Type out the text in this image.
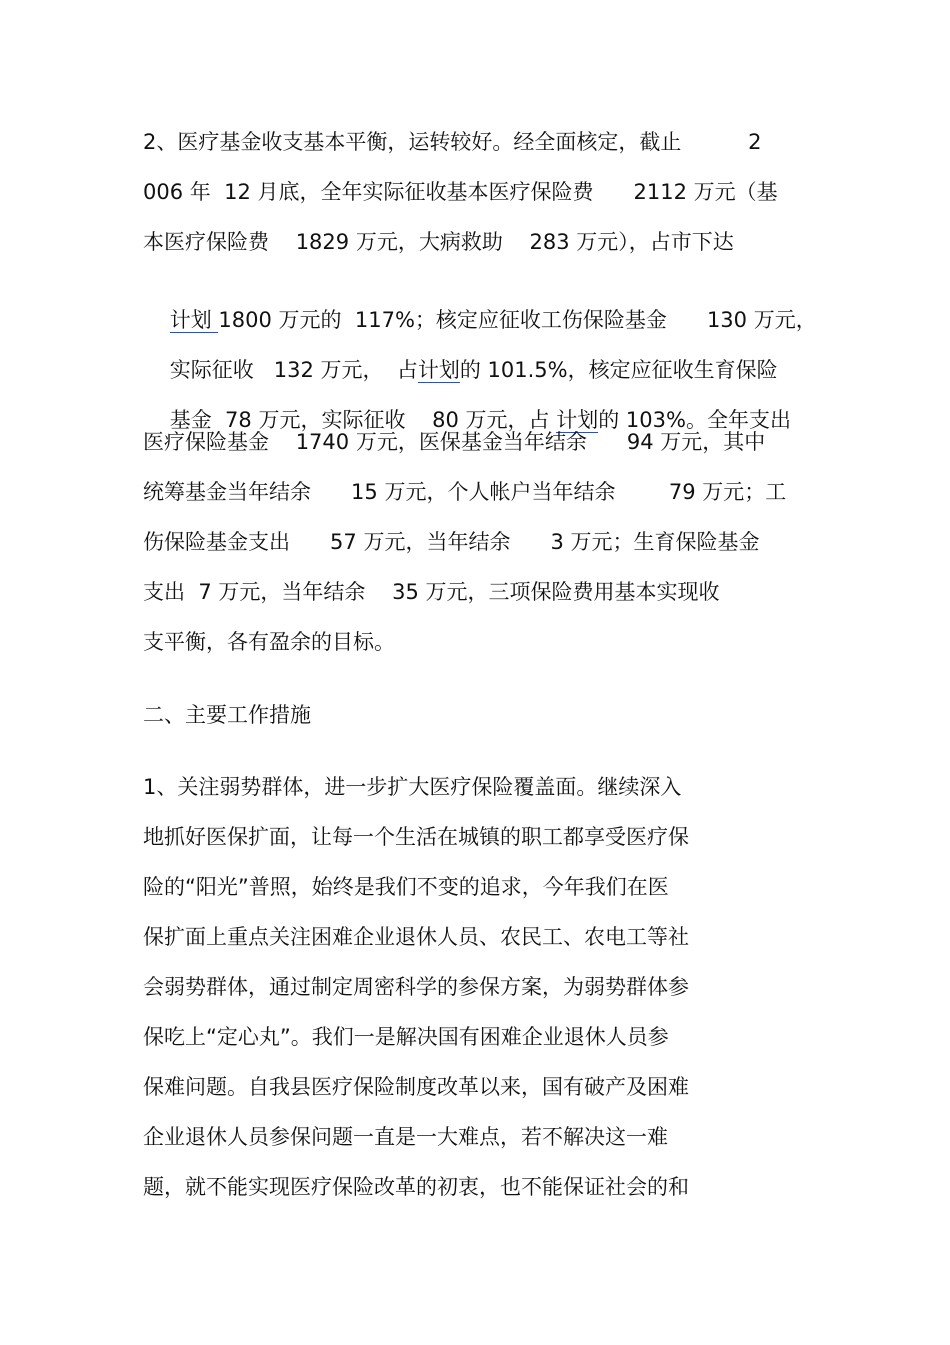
2、医疗基金收支基本平衡，运转较好。经全面核定，截止          2
006 年  12 月底，全年实际征收基本医疗保险费      2112 万元（基
本医疗保险费    1829 万元，大病救助    283 万元），占市下达

计划 1800 万元的  117%；核定应征收工伤保险基金      130 万元，

实际征收   132 万元，  占计划的 101.5%，核定应征收生育保险

基金  78 万元，实际征收    80 万元，占 计划的 103%。全年支出

医疗保险基金    1740 万元，医保基金当年结余      94 万元，其中
统筹基金当年结余      15 万元，个人帐户当年结余        79 万元；工
伤保险基金支出      57 万元，当年结余      3 万元；生育保险基金
支出  7 万元，当年结余    35 万元，三项保险费用基本实现收
支平衡，各有盈余的目标。
二、主要工作措施
1、关注弱势群体，进一步扩大医疗保险覆盖面。继续深入
地抓好医保扩面，让每一个生活在城镇的职工都享受医疗保
险的“阳光”普照，始终是我们不变的追求，今年我们在医
保扩面上重点关注困难企业退休人员、农民工、农电工等社
会弱势群体，通过制定周密科学的参保方案，为弱势群体参
保吃上“定心丸”。我们一是解决国有困难企业退休人员参
保难问题。自我县医疗保险制度改革以来，国有破产及困难
企业退休人员参保问题一直是一大难点，若不解决这一难
题，就不能实现医疗保险改革的初衷，也不能保证社会的和
